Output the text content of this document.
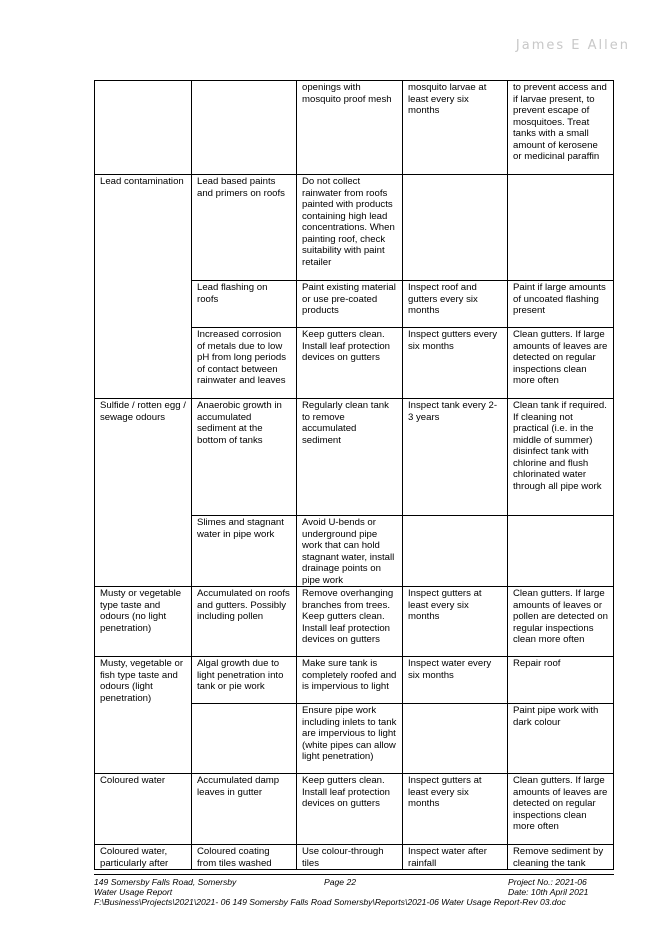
James E Allen
		openings with mosquito proof mesh	mosquito larvae at least every six months	to prevent access and if larvae present, to prevent escape of mosquitoes. Treat tanks with a small amount of kerosene or medicinal paraffin
Lead contamination	Lead based paints and primers on roofs	Do not collect rainwater from roofs painted with products containing high lead concentrations. When painting roof, check suitability with paint retailer		
	Lead flashing on roofs	Paint existing material or use pre-coated products	Inspect roof and gutters every six months	Paint if large amounts of uncoated flashing present
	Increased corrosion of metals due to low pH from long periods of contact between rainwater and leaves	Keep gutters clean. Install leaf protection devices on gutters	Inspect gutters every six months	Clean gutters. If large amounts of leaves are detected on regular inspections clean more often
Sulfide / rotten egg / sewage odours	Anaerobic growth in accumulated sediment at the bottom of tanks	Regularly clean tank to remove accumulated sediment	Inspect tank every 2-3 years	Clean tank if required. If cleaning not practical (i.e. in the middle of summer) disinfect tank with chlorine and flush chlorinated water through all pipe work
	Slimes and stagnant water in pipe work	Avoid U-bends or underground pipe work that can hold stagnant water, install drainage points on pipe work		
Musty or vegetable type taste and odours (no light penetration)	Accumulated on roofs and gutters. Possibly including pollen	Remove overhanging branches from trees. Keep gutters clean. Install leaf protection devices on gutters	Inspect gutters at least every six months	Clean gutters. If large amounts of leaves or pollen are detected on regular inspections clean more often
Musty, vegetable or fish type taste and odours (light penetration)	Algal growth due to light penetration into tank or pie work	Make sure tank is completely roofed and is impervious to light	Inspect water every six months	Repair roof
		Ensure pipe work including inlets to tank are impervious to light (white pipes can allow light penetration)		Paint pipe work with dark colour
Coloured water	Accumulated damp leaves in gutter	Keep gutters clean. Install leaf protection devices on gutters	Inspect gutters at least every six months	Clean gutters. If large amounts of leaves are detected on regular inspections clean more often
Coloured water, particularly after	Coloured coating from tiles washed	Use colour-through tiles	Inspect water after rainfall	Remove sediment by cleaning the tank
149 Somersby Falls Road, Somersby	Page 22	Project No.: 2021-06
Water Usage Report	Date: 10th April 2021
F:\Business\Projects\2021\2021- 06 149 Somersby Falls Road Somersby\Reports\2021-06 Water Usage Report-Rev 03.doc
